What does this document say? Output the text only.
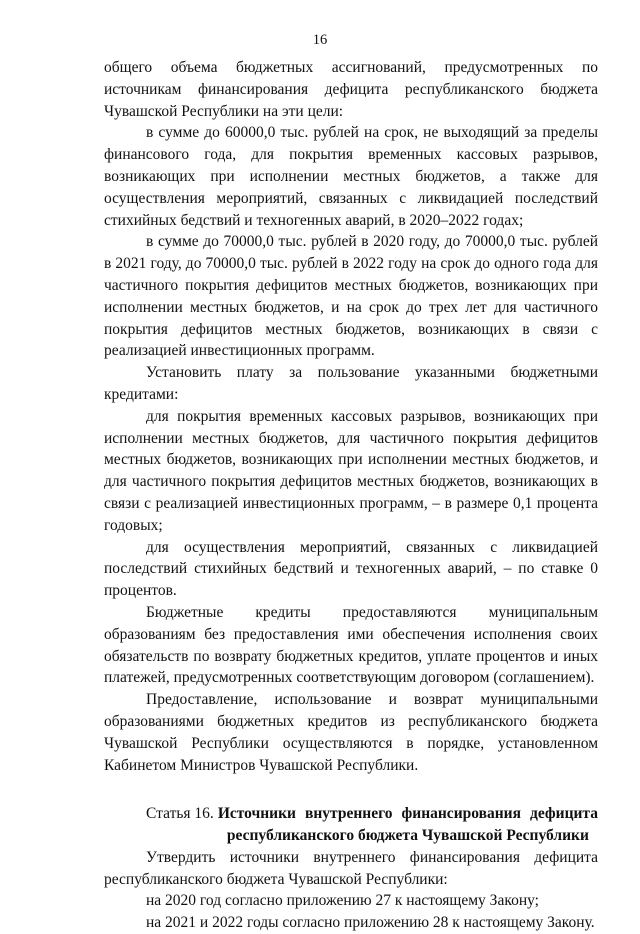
16

общего объема бюджетных ассигнований, предусмотренных по источникам финансирования дефицита республиканского бюджета Чувашской Республики на эти цели:

в сумме до 60000,0 тыс. рублей на срок, не выходящий за пределы финансового года, для покрытия временных кассовых разрывов, возникающих при исполнении местных бюджетов, а также для осуществления мероприятий, связанных с ликвидацией последствий стихийных бедствий и техногенных аварий, в 2020–2022 годах;

в сумме до 70000,0 тыс. рублей в 2020 году, до 70000,0 тыс. рублей в 2021 году, до 70000,0 тыс. рублей в 2022 году на срок до одного года для частичного покрытия дефицитов местных бюджетов, возникающих при исполнении местных бюджетов, и на срок до трех лет для частичного покрытия дефицитов местных бюджетов, возникающих в связи с реализацией инвестиционных программ.

Установить плату за пользование указанными бюджетными кредитами:

для покрытия временных кассовых разрывов, возникающих при исполнении местных бюджетов, для частичного покрытия дефицитов местных бюджетов, возникающих при исполнении местных бюджетов, и для частичного покрытия дефицитов местных бюджетов, возникающих в связи с реализацией инвестиционных программ, – в размере 0,1 процента годовых;

для осуществления мероприятий, связанных с ликвидацией последствий стихийных бедствий и техногенных аварий, – по ставке 0 процентов.

Бюджетные кредиты предоставляются муниципальным образованиям без предоставления ими обеспечения исполнения своих обязательств по возврату бюджетных кредитов, уплате процентов и иных платежей, предусмотренных соответствующим договором (соглашением).

Предоставление, использование и возврат муниципальными образованиями бюджетных кредитов из республиканского бюджета Чувашской Республики осуществляются в порядке, установленном Кабинетом Министров Чувашской Республики.

Статья 16. Источники внутреннего финансирования дефицита республиканского бюджета Чувашской Республики

Утвердить источники внутреннего финансирования дефицита республиканского бюджета Чувашской Республики:

на 2020 год согласно приложению 27 к настоящему Закону;

на 2021 и 2022 годы согласно приложению 28 к настоящему Закону.
